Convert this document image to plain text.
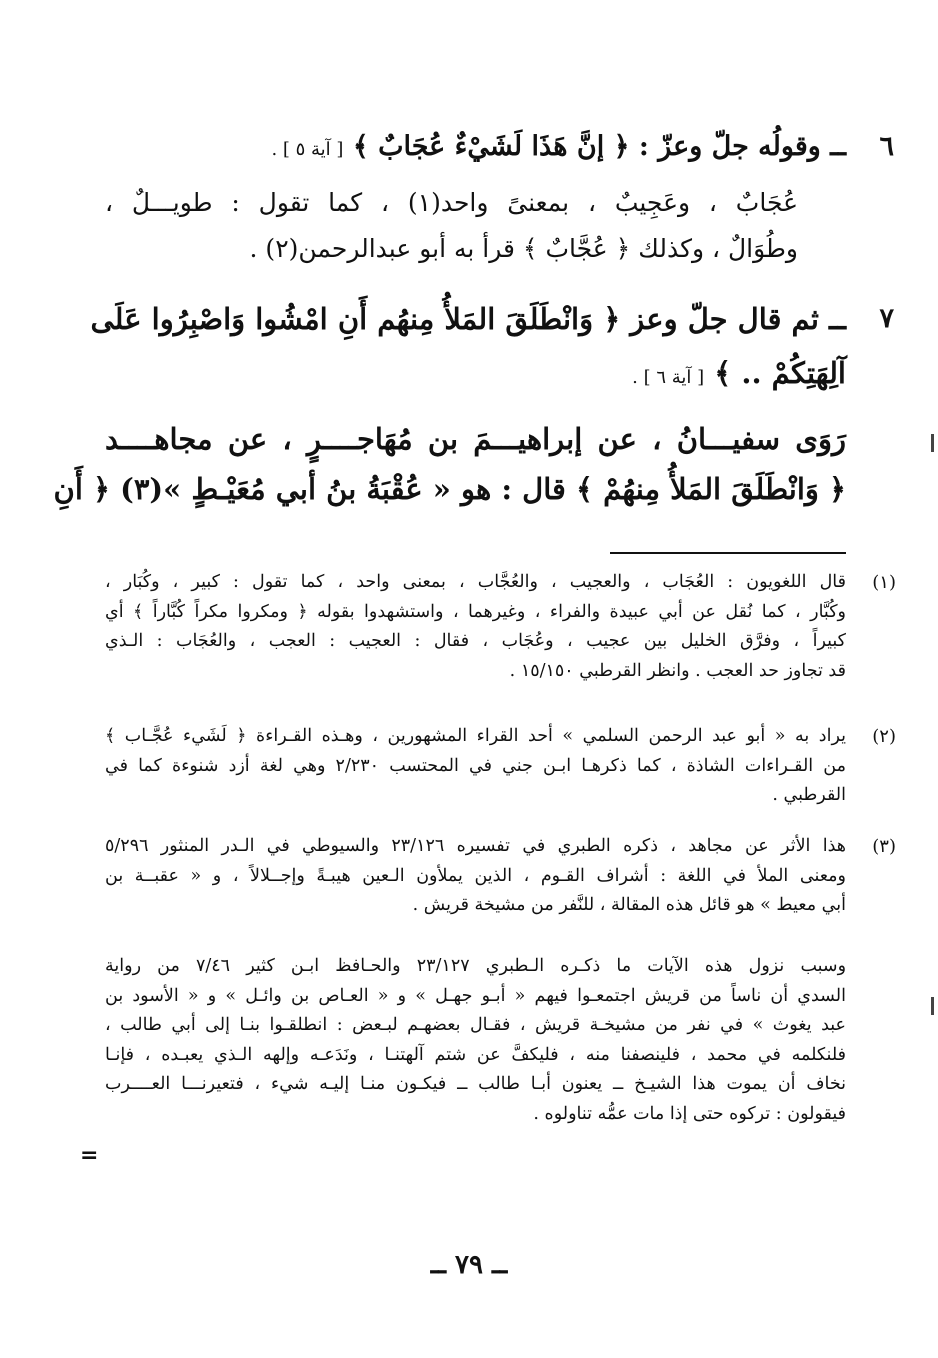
٦
ــ وقولُه جلّ وعزّ : ﴿ إنَّ هَذَا لَشَيْءٌ عُجَابٌ ﴾ [ آية ٥ ] .
عُجَابٌ ، وعَجِيبٌ ، بمعنىً واحد(١) ، كما تقول : طويـــلٌ ،
وطُوَالٌ ، وكذلك ﴿ عُجَّابٌ ﴾ قرأ به أبو عبدالرحمن(٢) .
٧
ــ ثم قال جلّ وعز ﴿ وَانْطَلَقَ المَلأُ مِنهُم أَنِ امْشُوا وَاصْبِرُوا عَلَى
آلِهَتِكُمْ .. ﴾ [ آية ٦ ] .
رَوَى سفيـــانُ ، عن إبراهيـــمَ بن مُهَاجــــرٍ ، عن مجاهــــد
﴿ وَانْطَلَقَ المَلأُ مِنهُمْ ﴾ قال : هو « عُقْبَةُ بنُ أبي مُعَيْـطٍ »(٣) ﴿ أَنِ
(١)
قال اللغويون : العُجَاب ، والعجيب ، والعُجَّاب ، بمعنى واحد ، كما تقول : كبير ، وكُبَار ،
وكُبَّار ، كما نُقل عن أبي عبيدة والفراء ، وغيرهما ، واستشهدوا بقوله ﴿ ومكروا مكراً كُبَّاراً ﴾ أي
كبيراً ، وفرَّق الخليل بين عجيب ، وعُجَاب ، فقال : العجيب : العجب ، والعُجَاب : الـذي
قد تجاوز حد العجب . وانظر القرطبي ١٥/١٥٠ .
(٢)
يراد به « أبو عبد الرحمن السلمي » أحد القراء المشهورين ، وهـذه القـراءة ﴿ لَشَيء عُجَّـاب ﴾
من القـراءات الشاذة ، كما ذكرهـا ابـن جني في المحتسب ٢/٢٣٠ وهي لغة أزد شنوءة كما في
القرطبي .
(٣)
هذا الأثر عن مجاهد ، ذكره الطبري في تفسيره ٢٣/١٢٦ والسيوطي في الـدر المنثور ٥/٢٩٦
ومعنى الملأ في اللغة : أشراف القـوم ، الذين يملأون الـعين هيبـةً وإجــلالاً ، و « عقبــة بن
أبي معيط » هو قائل هذه المقالة ، للنَّفر من مشيخة قريش .
وسبب نزول هذه الآيات ما ذكـره الـطبري ٢٣/١٢٧ والحـافظ ابـن كثير ٧/٤٦ من رواية
السدي أن ناساً من قريش اجتمعـوا فيهم « أبـو جهـل » و « العـاص بن وائـل » و « الأسود بن
عبد يغوث » في نفر من مشيخـة قريش ، فقـال بعضهـم لبـعض : انطلقـوا بنـا إلى أبي طالب ،
فلنكلمه في محمد ، فلينصفنا منه ، فليكفَّ عن شتم آلهتنـا ، ونَدَعـه وإلهه الـذي يعبـده ، فإنـا
نخاف أن يموت هذا الشيـخ ــ يعنون أبـا طالب ــ فيكـون منـا إليـه شيء ، فتعيرنـــا العــــرب
فيقولون : تركوه حتى إذا مات عمُّه تناولوه .
=
ــ ٧٩ ــ
